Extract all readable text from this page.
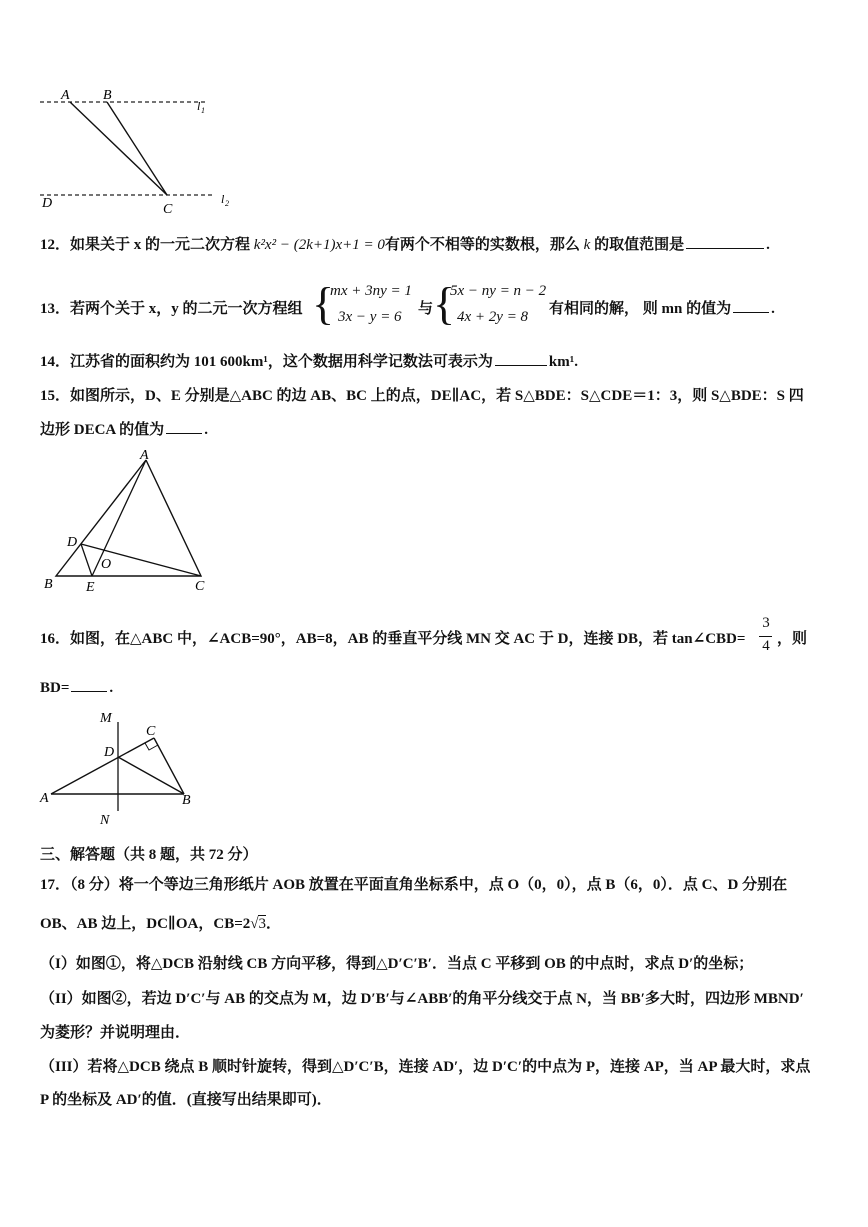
A B
D	C
l 1
l 2
12．如果关于 x 的一元二次方程 k²x² − (2k+1)x+1 = 0有两个不相等的实数根，那么 k 的取值范围是	.
13．若两个关于 x，y 的二元一次方程组 {
mx + 3ny = 1
3x − y = 6 与 {
5x − ny = n − 2
4x + 2y = 8 有相同的解， 则 mn 的值为	.
14．江苏省的面积约为 101 600km¹，这个数据用科学记数法可表示为	km¹.
15．如图所示，D、E 分别是△ABC 的边 AB、BC 上的点，DE∥AC，若 S△BDE：S△CDE＝1：3，则 S△BDE：S 四
边形 DECA 的值为	.
A
D
O
B E	C
16．如图，在△ABC 中，∠ACB=90°，AB=8，AB 的垂直平分线 MN 交 AC 于 D，连接 DB，若 tan∠CBD=
3
4 ，则
BD=	.
M
C
D
A	B
N
三、解答题（共 8 题，共 72 分）
17．（8 分）将一个等边三角形纸片 AOB 放置在平面直角坐标系中，点 O（0，0），点 B（6，0）．点 C、D 分别在
OB、AB 边上，DC∥OA，CB=2√3．
（I）如图①，将△DCB 沿射线 CB 方向平移，得到△D′C′B′．当点 C 平移到 OB 的中点时，求点 D′的坐标；
（II）如图②，若边 D′C′与 AB 的交点为 M，边 D′B′与∠ABB′的角平分线交于点 N，当 BB′多大时，四边形 MBND′
为菱形？并说明理由．
（III）若将△DCB 绕点 B 顺时针旋转，得到△D′C′B，连接 AD′，边 D′C′的中点为 P，连接 AP，当 AP 最大时，求点
P 的坐标及 AD′的值．(直接写出结果即可)．
